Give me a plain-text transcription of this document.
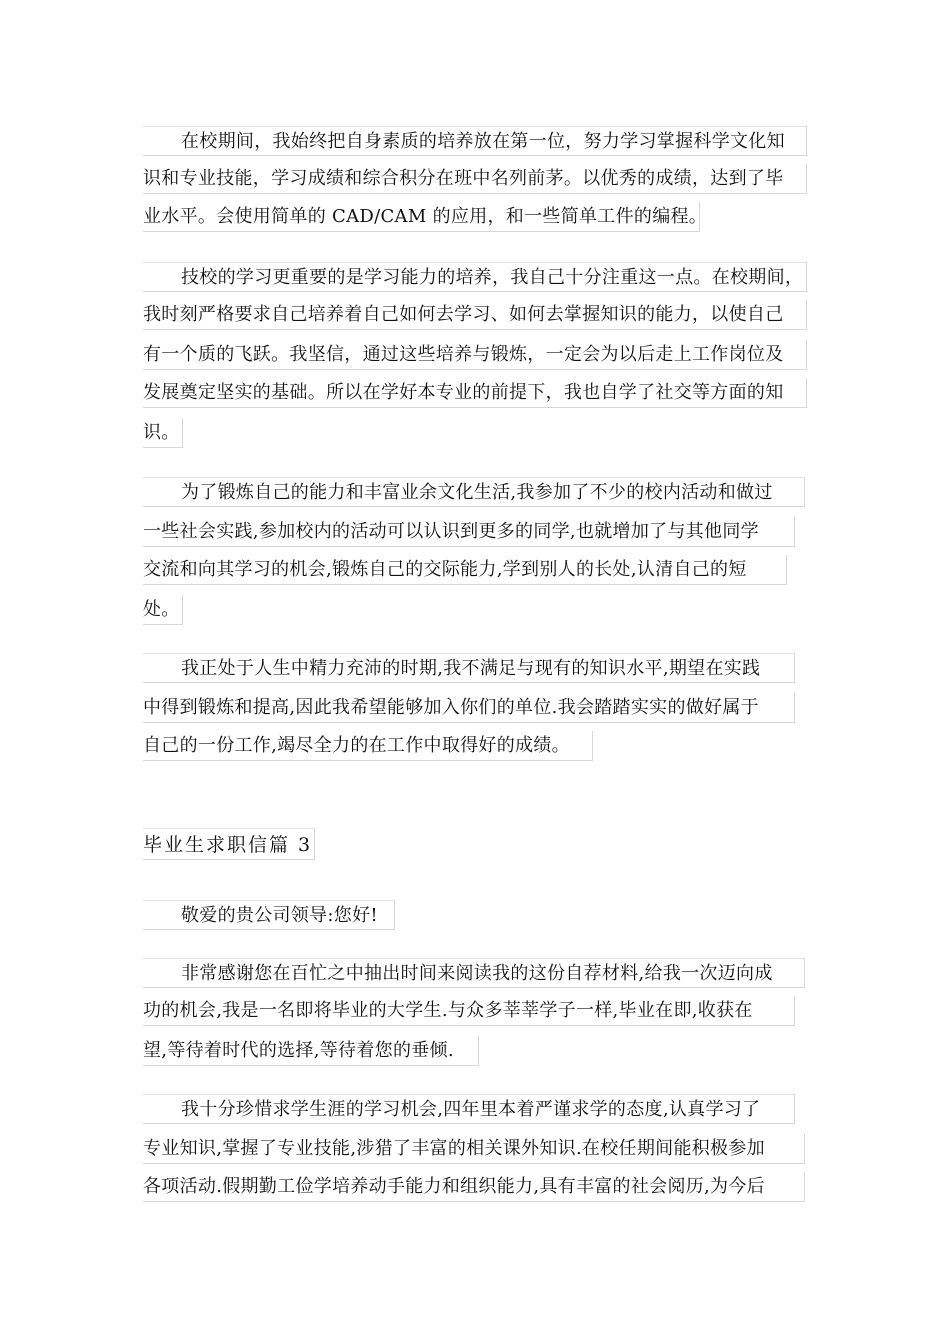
在校期间，我始终把自身素质的培养放在第一位，努力学习掌握科学文化知
识和专业技能，学习成绩和综合积分在班中名列前茅。以优秀的成绩，达到了毕
业水平。会使用简单的 CAD/CAM 的应用，和一些简单工件的编程。
技校的学习更重要的是学习能力的培养，我自己十分注重这一点。在校期间，
我时刻严格要求自己培养着自己如何去学习、如何去掌握知识的能力，以使自己
有一个质的飞跃。我坚信，通过这些培养与锻炼，一定会为以后走上工作岗位及
发展奠定坚实的基础。所以在学好本专业的前提下，我也自学了社交等方面的知
识。
为了锻炼自己的能力和丰富业余文化生活,我参加了不少的校内活动和做过
一些社会实践,参加校内的活动可以认识到更多的同学,也就增加了与其他同学
交流和向其学习的机会,锻炼自己的交际能力,学到别人的长处,认清自己的短
处。
我正处于人生中精力充沛的时期,我不满足与现有的知识水平,期望在实践
中得到锻炼和提高,因此我希望能够加入你们的单位.我会踏踏实实的做好属于
自己的一份工作,竭尽全力的在工作中取得好的成绩。
毕业生求职信篇 3
敬爱的贵公司领导:您好!
非常感谢您在百忙之中抽出时间来阅读我的这份自荐材料,给我一次迈向成
功的机会,我是一名即将毕业的大学生.与众多莘莘学子一样,毕业在即,收获在
望,等待着时代的选择,等待着您的垂倾.
我十分珍惜求学生涯的学习机会,四年里本着严谨求学的态度,认真学习了
专业知识,掌握了专业技能,涉猎了丰富的相关课外知识.在校任期间能积极参加
各项活动.假期勤工俭学培养动手能力和组织能力,具有丰富的社会阅历,为今后
